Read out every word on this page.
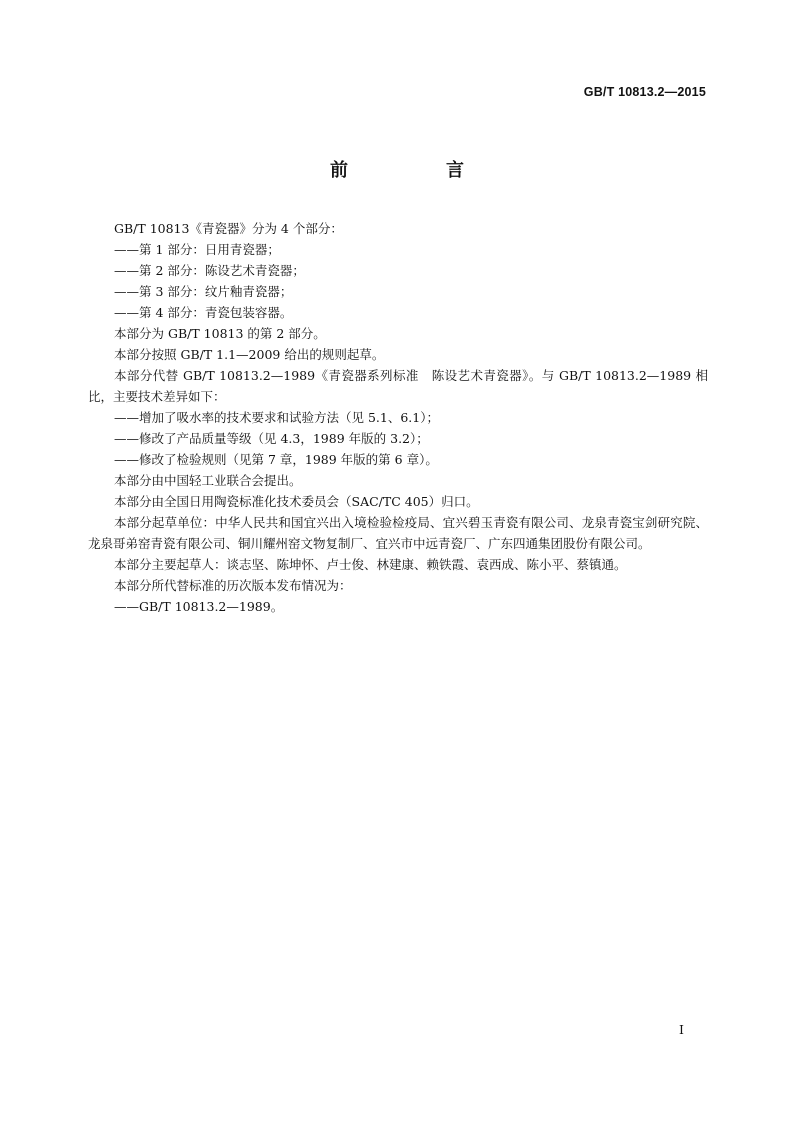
GB/T 10813.2—2015
前　言

GB/T 10813《青瓷器》分为 4 个部分：

——第 1 部分：日用青瓷器；

——第 2 部分：陈设艺术青瓷器；

——第 3 部分：纹片釉青瓷器；

——第 4 部分：青瓷包装容器。

本部分为 GB/T 10813 的第 2 部分。

本部分按照 GB/T 1.1—2009 给出的规则起草。

本部分代替 GB/T 10813.2—1989《青瓷器系列标准　陈设艺术青瓷器》。与 GB/T 10813.2—1989 相比，主要技术差异如下：

——增加了吸水率的技术要求和试验方法（见 5.1、6.1）；

——修改了产品质量等级（见 4.3，1989 年版的 3.2）；

——修改了检验规则（见第 7 章，1989 年版的第 6 章）。

本部分由中国轻工业联合会提出。

本部分由全国日用陶瓷标准化技术委员会（SAC/TC 405）归口。

本部分起草单位：中华人民共和国宜兴出入境检验检疫局、宜兴碧玉青瓷有限公司、龙泉青瓷宝剑研究院、龙泉哥弟窑青瓷有限公司、铜川耀州窑文物复制厂、宜兴市中远青瓷厂、广东四通集团股份有限公司。

本部分主要起草人：谈志坚、陈坤怀、卢士俊、林建康、赖铁霞、袁西成、陈小平、蔡镇通。

本部分所代替标准的历次版本发布情况为：

——GB/T 10813.2—1989。

I
